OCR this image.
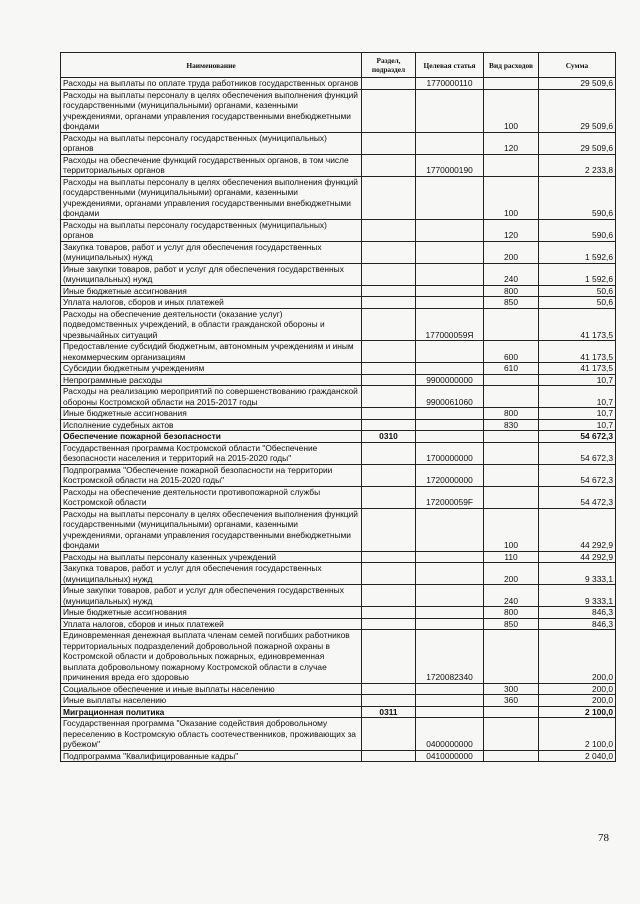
Наименование	Раздел, подраздел	Целевая статья	Вид расходов	Сумма
Расходы на выплаты по оплате труда работников государственных органов		1770000110		29 509,6
Расходы на выплаты персоналу в целях обеспечения выполнения функций государственными (муниципальными) органами, казенными учреждениями, органами управления государственными внебюджетными фондами			100	29 509,6
Расходы на выплаты персоналу государственных (муниципальных) органов			120	29 509,6
Расходы на обеспечение функций государственных органов, в том числе территориальных органов		1770000190		2 233,8
Расходы на выплаты персоналу в целях обеспечения выполнения функций государственными (муниципальными) органами, казенными учреждениями, органами управления государственными внебюджетными фондами			100	590,6
Расходы на выплаты персоналу государственных (муниципальных) органов			120	590,6
Закупка товаров, работ и услуг для обеспечения государственных (муниципальных) нужд			200	1 592,6
Иные закупки товаров, работ и услуг для обеспечения государственных (муниципальных) нужд			240	1 592,6
Иные бюджетные ассигнования			800	50,6
Уплата налогов, сборов и иных платежей			850	50,6
Расходы на обеспечение деятельности (оказание услуг) подведомственных учреждений, в области гражданской обороны и чрезвычайных ситуаций		177000059Я		41 173,5
Предоставление субсидий бюджетным, автономным учреждениям и иным некоммерческим организациям			600	41 173,5
Субсидии бюджетным учреждениям			610	41 173,5
Непрограммные расходы		9900000000		10,7
Расходы на реализацию мероприятий по совершенствованию гражданской обороны Костромской области на 2015-2017 годы		9900061060		10,7
Иные бюджетные ассигнования			800	10,7
Исполнение судебных актов			830	10,7
Обеспечение пожарной безопасности	0310			54 672,3
Государственная программа Костромской области "Обеспечение безопасности населения и территорий на 2015-2020 годы"		1700000000		54 672,3
Подпрограмма "Обеспечение пожарной безопасности на территории Костромской области на 2015-2020 годы"		1720000000		54 672,3
Расходы на обеспечение деятельности противопожарной службы Костромской области		172000059F		54 472,3
Расходы на выплаты персоналу в целях обеспечения выполнения функций государственными (муниципальными) органами, казенными учреждениями, органами управления государственными внебюджетными фондами			100	44 292,9
Расходы на выплаты персоналу казенных учреждений			110	44 292,9
Закупка товаров, работ и услуг для обеспечения государственных (муниципальных) нужд			200	9 333,1
Иные закупки товаров, работ и услуг для обеспечения государственных (муниципальных) нужд			240	9 333,1
Иные бюджетные ассигнования			800	846,3
Уплата налогов, сборов и иных платежей			850	846,3
Единовременная денежная выплата членам семей погибших работников территориальных подразделений добровольной пожарной охраны в Костромской области и добровольных пожарных, единовременная выплата добровольному пожарному Костромской области в случае причинения вреда его здоровью		1720082340		200,0
Социальное обеспечение и иные выплаты населению			300	200,0
Иные выплаты населению			360	200,0
Миграционная политика	0311			2 100,0
Государственная программа "Оказание содействия добровольному переселению в Костромскую область соотечественников, проживающих за рубежом"		0400000000		2 100,0
Подпрограмма "Квалифицированные кадры"		0410000000		2 040,0
78
